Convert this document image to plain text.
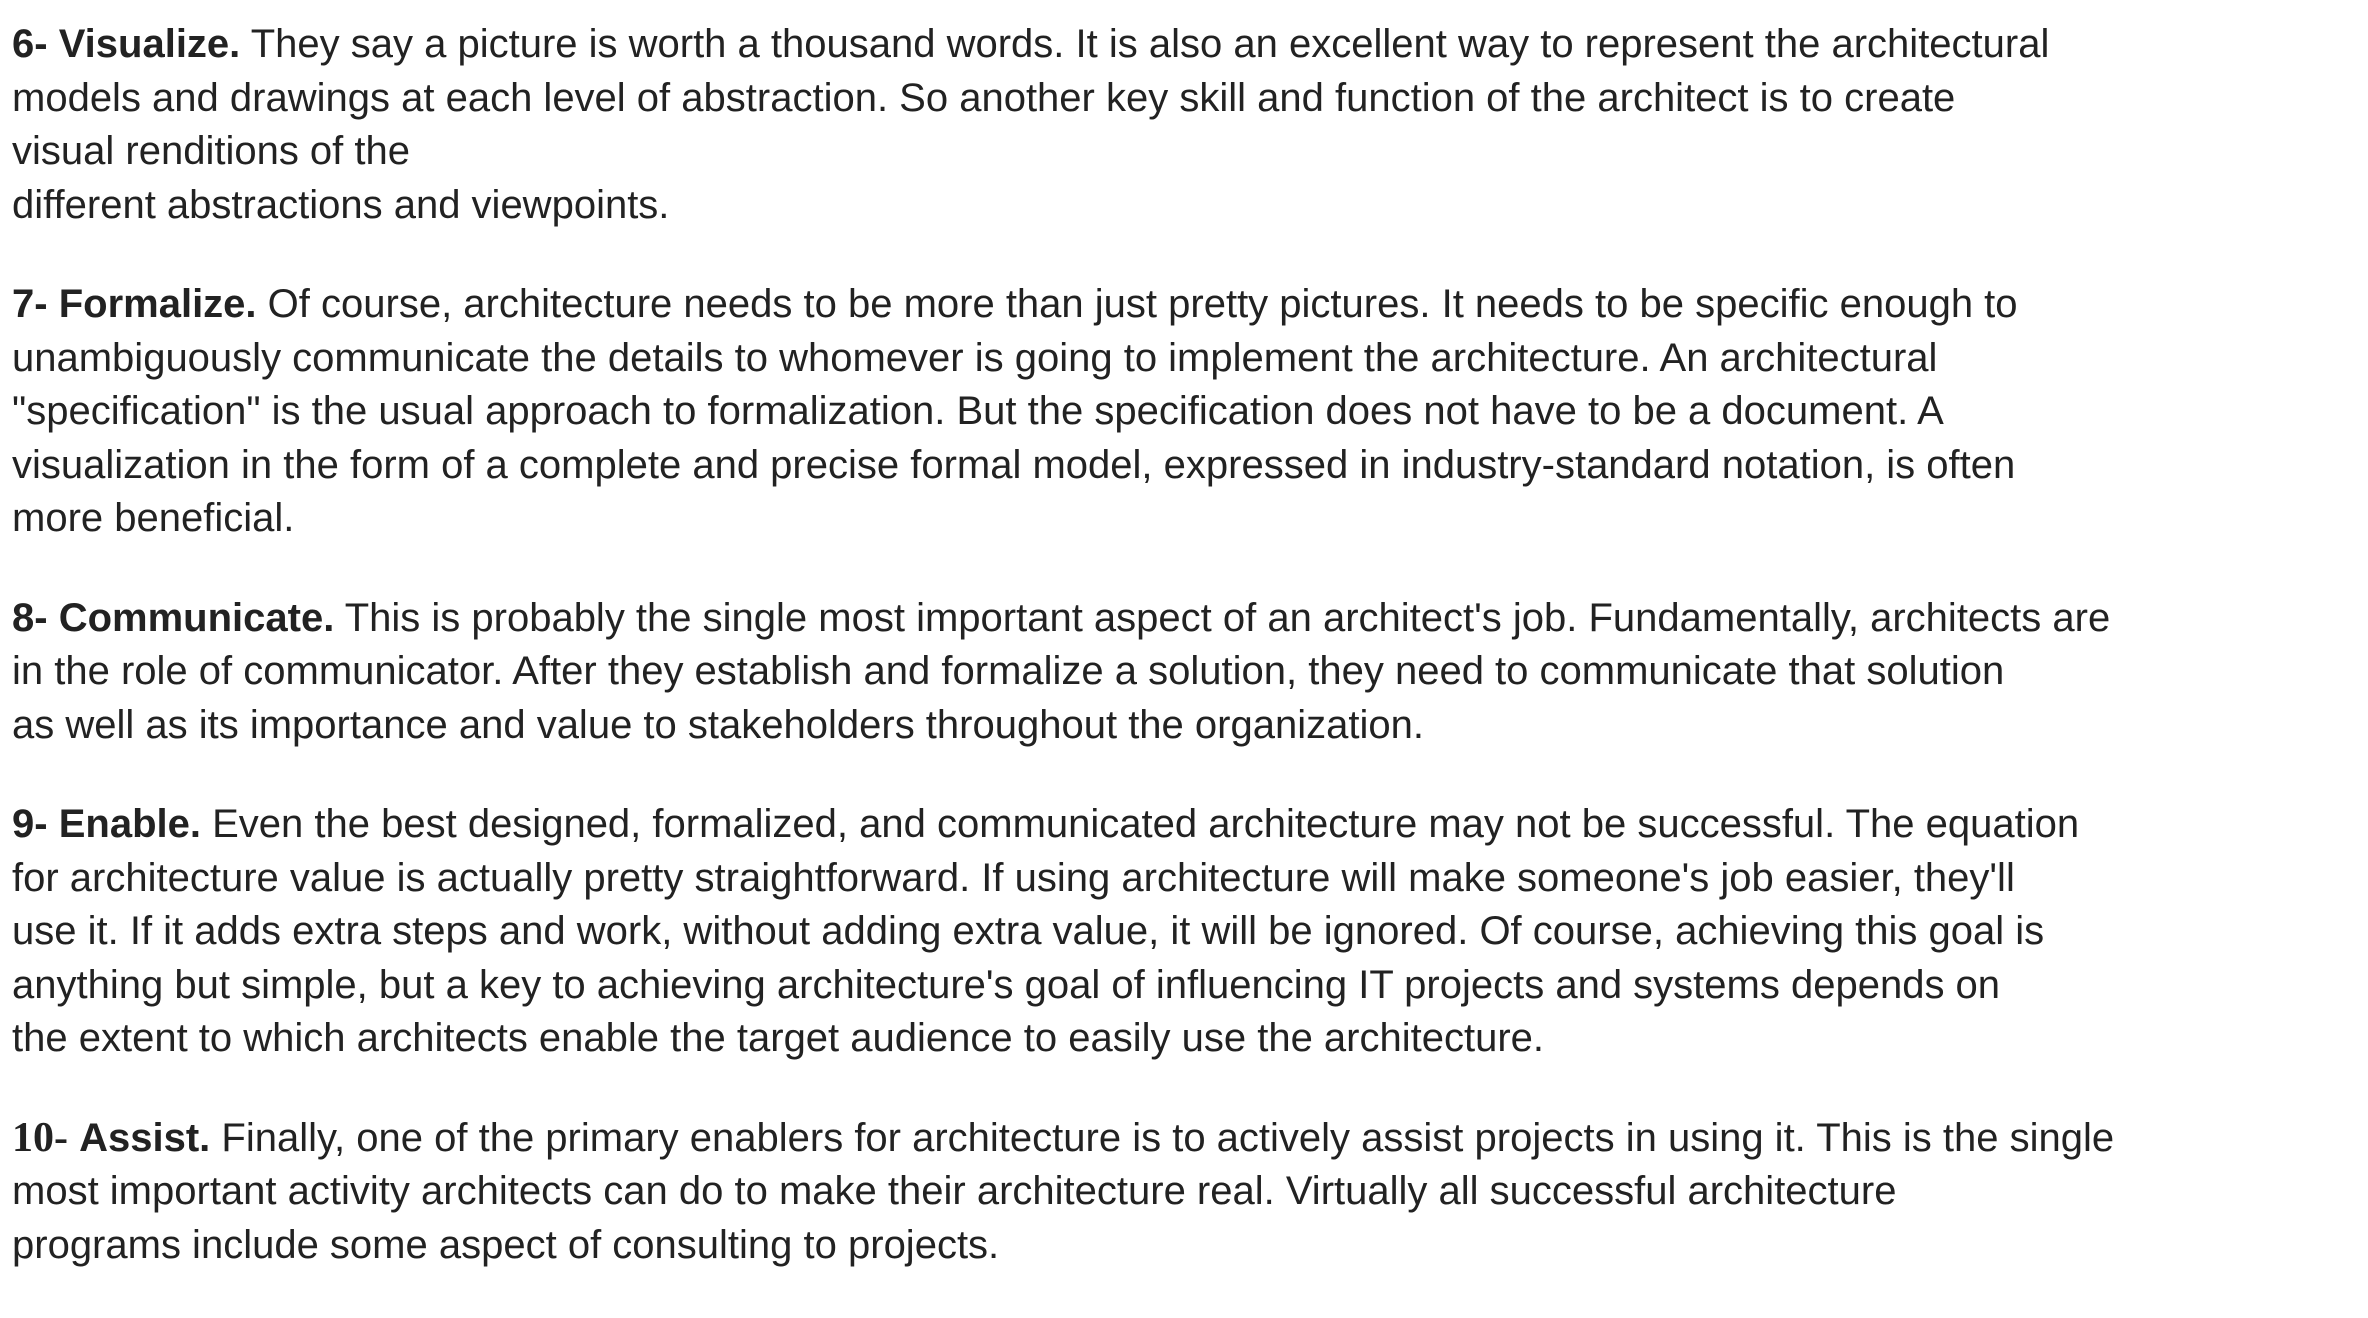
6- Visualize. They say a picture is worth a thousand words. It is also an excellent way to represent the architectural
models and drawings at each level of abstraction. So another key skill and function of the architect is to create
visual renditions of the
different abstractions and viewpoints.

7- Formalize. Of course, architecture needs to be more than just pretty pictures. It needs to be specific enough to
unambiguously communicate the details to whomever is going to implement the architecture. An architectural
"specification" is the usual approach to formalization. But the specification does not have to be a document. A
visualization in the form of a complete and precise formal model, expressed in industry-standard notation, is often
more beneficial.

8- Communicate. This is probably the single most important aspect of an architect's job. Fundamentally, architects are
in the role of communicator. After they establish and formalize a solution, they need to communicate that solution
as well as its importance and value to stakeholders throughout the organization.

9- Enable. Even the best designed, formalized, and communicated architecture may not be successful. The equation
for architecture value is actually pretty straightforward. If using architecture will make someone's job easier, they'll
use it. If it adds extra steps and work, without adding extra value, it will be ignored. Of course, achieving this goal is
anything but simple, but a key to achieving architecture's goal of influencing IT projects and systems depends on
the extent to which architects enable the target audience to easily use the architecture.

10- Assist. Finally, one of the primary enablers for architecture is to actively assist projects in using it. This is the single
most important activity architects can do to make their architecture real. Virtually all successful architecture
programs include some aspect of consulting to projects.
